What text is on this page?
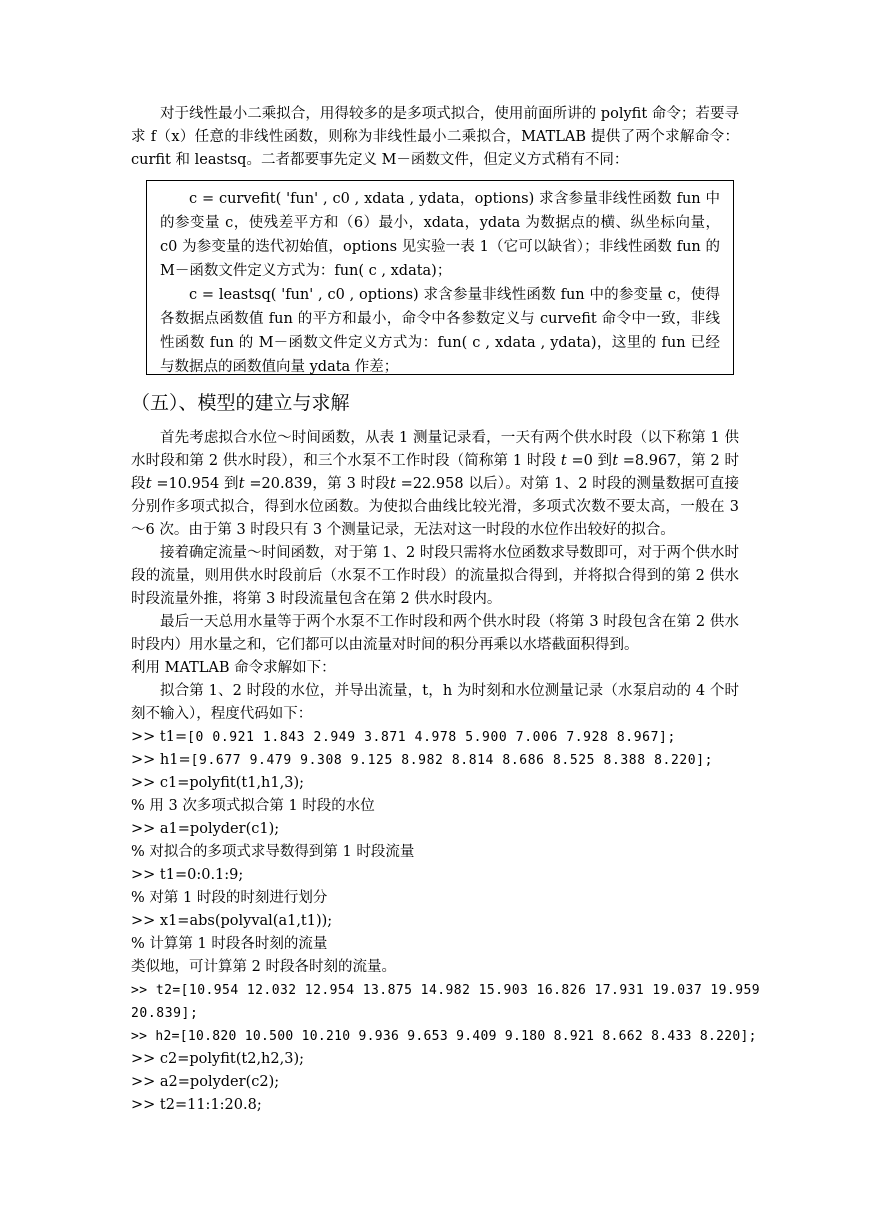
对于线性最小二乘拟合，用得较多的是多项式拟合，使用前面所讲的 polyfit 命令；若要寻求 f（x）任意的非线性函数，则称为非线性最小二乘拟合，MATLAB 提供了两个求解命令：curfit 和 leastsq。二者都要事先定义 M－函数文件，但定义方式稍有不同：

c = curvefit( 'fun' , c0 , xdata , ydata，options) 求含参量非线性函数 fun 中的参变量 c，使残差平方和（6）最小，xdata，ydata 为数据点的横、纵坐标向量，c0 为参变量的迭代初始值，options 见实验一表 1（它可以缺省）；非线性函数 fun 的 M－函数文件定义方式为：fun( c , xdata)；

c = leastsq( 'fun' , c0 , options) 求含参量非线性函数 fun 中的参变量 c，使得各数据点函数值 fun 的平方和最小，命令中各参数定义与 curvefit 命令中一致，非线性函数 fun 的 M－函数文件定义方式为：fun( c , xdata , ydata)，这里的 fun 已经与数据点的函数值向量 ydata 作差；

（五）、模型的建立与求解

首先考虑拟合水位～时间函数，从表 1 测量记录看，一天有两个供水时段（以下称第 1 供水时段和第 2 供水时段），和三个水泵不工作时段（简称第 1 时段 t =0 到t =8.967，第 2 时段t =10.954 到t =20.839，第 3 时段t =22.958 以后）。对第 1、2 时段的测量数据可直接分别作多项式拟合，得到水位函数。为使拟合曲线比较光滑，多项式次数不要太高，一般在 3～6 次。由于第 3 时段只有 3 个测量记录，无法对这一时段的水位作出较好的拟合。

接着确定流量～时间函数，对于第 1、2 时段只需将水位函数求导数即可，对于两个供水时段的流量，则用供水时段前后（水泵不工作时段）的流量拟合得到，并将拟合得到的第 2 供水时段流量外推，将第 3 时段流量包含在第 2 供水时段内。

最后一天总用水量等于两个水泵不工作时段和两个供水时段（将第 3 时段包含在第 2 供水时段内）用水量之和，它们都可以由流量对时间的积分再乘以水塔截面积得到。

利用 MATLAB 命令求解如下：

拟合第 1、2 时段的水位，并导出流量，t，h 为时刻和水位测量记录（水泵启动的 4 个时刻不输入），程度代码如下：

>> t1=[0 0.921 1.843 2.949 3.871 4.978 5.900 7.006 7.928 8.967];

>> h1=[9.677 9.479 9.308 9.125 8.982 8.814 8.686 8.525 8.388 8.220];

>> c1=polyfit(t1,h1,3);

% 用 3 次多项式拟合第 1 时段的水位

>> a1=polyder(c1);

% 对拟合的多项式求导数得到第 1 时段流量

>> t1=0:0.1:9;

% 对第 1 时段的时刻进行划分

>> x1=abs(polyval(a1,t1));

% 计算第 1 时段各时刻的流量

类似地，可计算第 2 时段各时刻的流量。

>> t2=[10.954 12.032 12.954 13.875 14.982 15.903 16.826 17.931 19.037 19.959

20.839];

>> h2=[10.820 10.500 10.210 9.936 9.653 9.409 9.180 8.921 8.662 8.433 8.220];

>> c2=polyfit(t2,h2,3);

>> a2=polyder(c2);

>> t2=11:1:20.8;
